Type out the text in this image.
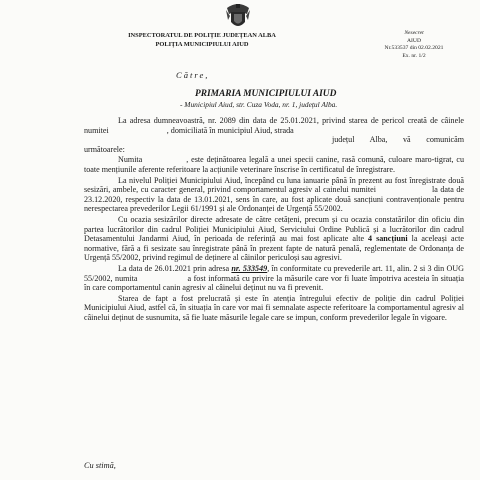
INSPECTORATUL DE POLIȚIE JUDEȚEAN ALBA
POLIȚIA MUNICIPIULUI AIUD
Nesecret
AIUD
Nr.533537 din 02.02.2021
Ex. nr. 1/2
Către,
PRIMARIA MUNICIPIULUI AIUD
- Municipiul Aiud, str. Cuza Voda, nr. 1, județul Alba.

La adresa dumneavoastră, nr. 2089 din data de 25.01.2021, privind starea de pericol creată de câinele numitei	, domiciliată în municipiul Aiud, strada
județul Alba, vă comunicăm următoarele:

Numita	, este deținătoarea legală a unei specii canine, rasă comună, culoare maro-tigrat, cu toate mențiunile aferente referitoare la acțiunile veterinare înscrise în certificatul de înregistrare.

La nivelul Poliției Municipiului Aiud, începând cu luna ianuarie până în prezent au fost înregistrate două sesizări, ambele, cu caracter general, privind comportamentul agresiv al cainelui numitei	la data de 23.12.2020, respectiv la data de 13.01.2021, sens în care, au fost aplicate două sancțiuni contravenționale pentru nerespectarea prevederilor Legii 61/1991 și ale Ordonanței de Urgență 55/2002.

Cu ocazia sesizărilor directe adresate de către cetățeni, precum și cu ocazia constatărilor din oficiu din partea lucrătorilor din cadrul Poliției Municipiului Aiud, Serviciului Ordine Publică și a lucrătorilor din cadrul Detasamentului Jandarmi Aiud, în perioada de referință au mai fost aplicate alte 4 sancțiuni la aceleași acte normative, fără a fi sesizate sau înregistrate până în prezent fapte de natură penală, reglementate de Ordonanța de Urgență 55/2002, privind regimul de deținere al câinilor periculoși sau agresivi.

La data de 26.01.2021 prin adresa nr. 533549, în conformitate cu prevederile art. 11, alin. 2 si 3 din OUG 55/2002, numita	a fost informată cu privire la măsurile care vor fi luate împotriva acesteia în situația în care comportamentul canin agresiv al câinelui deținut nu va fi prevenit.

Starea de fapt a fost prelucrată și este în atenția întregului efectiv de poliție din cadrul Poliției Municipiului Aiud, astfel că, în situația în care vor mai fi semnalate aspecte referitoare la comportamentul agresiv al câinelui deținut de susnumita, să fie luate măsurile legale care se impun, conform prevederilor legale în vigoare.

Cu stimă,
